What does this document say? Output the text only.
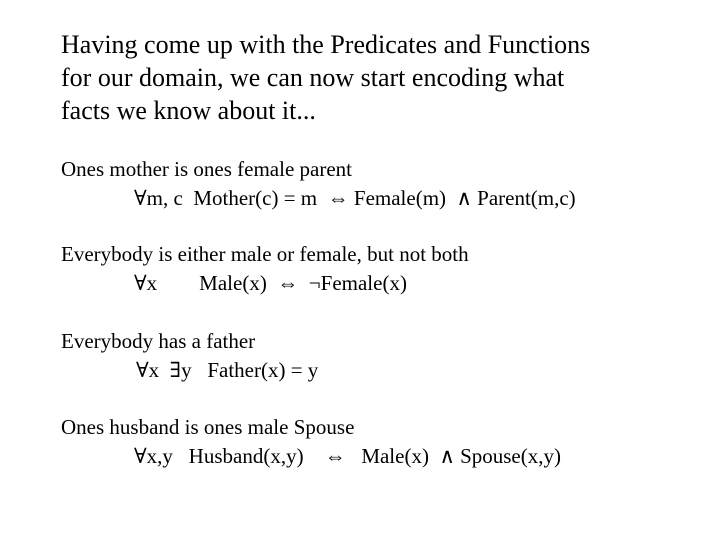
Having come up with the Predicates and Functions
for our domain, we can now start encoding what
facts we know about it...
Ones mother is ones female parent
∀m, c  Mother(c) = m  ⇔ Female(m)  ∧ Parent(m,c)
Everybody is either male or female, but not both
∀x        Male(x)  ⇔  ¬Female(x)
Everybody has a father
∀x  ∃y   Father(x) = y
Ones husband is ones male Spouse
∀x,y   Husband(x,y)    ⇔   Male(x)  ∧ Spouse(x,y)
